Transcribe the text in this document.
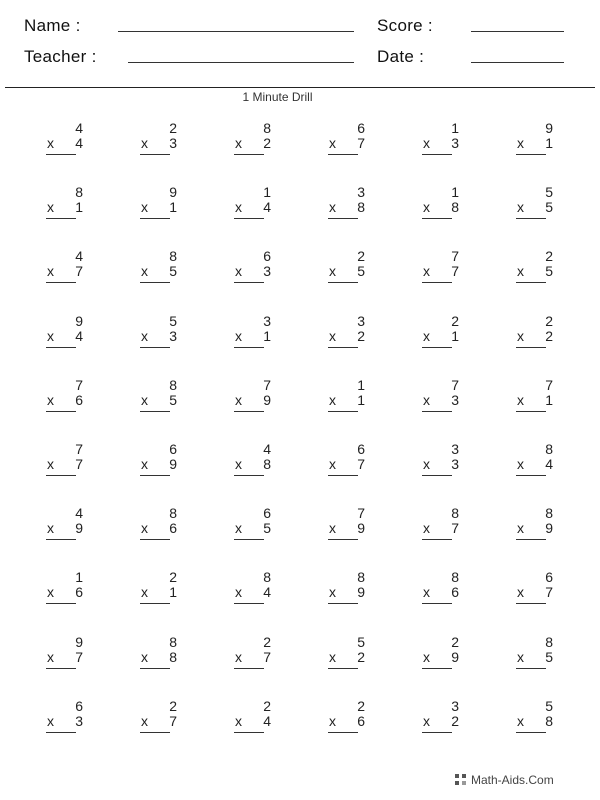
Name :
Teacher :
Score :
Date :
1 Minute Drill
4
x 4
2
x 3
8
x 2
6
x 7
1
x 3
9
x 1
8
x 1
9
x 1
1
x 4
3
x 8
1
x 8
5
x 5
4
x 7
8
x 5
6
x 3
2
x 5
7
x 7
2
x 5
9
x 4
5
x 3
3
x 1
3
x 2
2
x 1
2
x 2
7
x 6
8
x 5
7
x 9
1
x 1
7
x 3
7
x 1
7
x 7
6
x 9
4
x 8
6
x 7
3
x 3
8
x 4
4
x 9
8
x 6
6
x 5
7
x 9
8
x 7
8
x 9
1
x 6
2
x 1
8
x 4
8
x 9
8
x 6
6
x 7
9
x 7
8
x 8
2
x 7
5
x 2
2
x 9
8
x 5
6
x 3
2
x 7
2
x 4
2
x 6
3
x 2
5
x 8
Math-Aids.Com
